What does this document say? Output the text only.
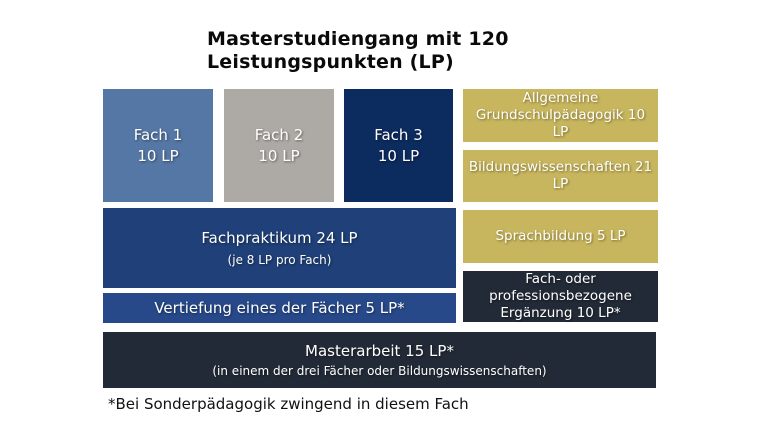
Masterstudiengang mit 120
Leistungspunkten (LP)
Fach 1
10 LP
Fach 2
10 LP
Fach 3
10 LP
Allgemeine Grundschulpädagogik 10 LP
Bildungswissenschaften 21 LP
Sprachbildung 5 LP
Fach- oder professionsbezogene Ergänzung 10 LP*
Fachpraktikum 24 LP
(je 8 LP pro Fach)
Vertiefung eines der Fächer 5 LP*
Masterarbeit 15 LP*
(in einem der drei Fächer oder Bildungswissenschaften)
*Bei Sonderpädagogik zwingend in diesem Fach
